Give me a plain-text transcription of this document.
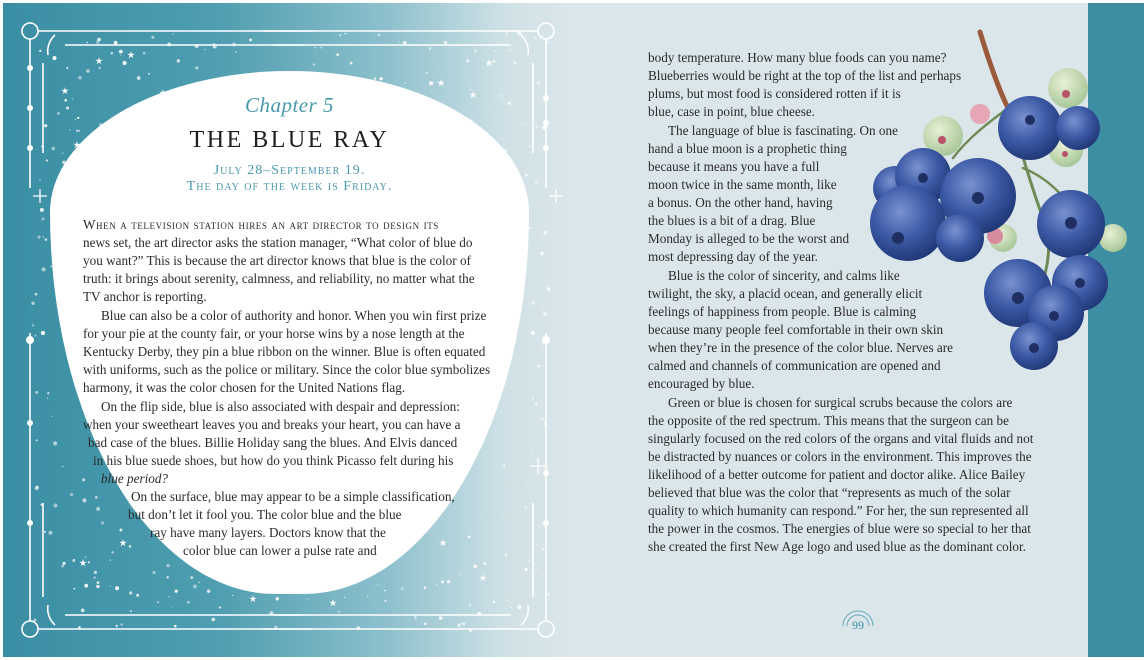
Chapter 5
THE BLUE RAY
July 28–September 19.
The day of the week is Friday.
When a television station hires an art director to design its
news set, the art director asks the station manager, “What color of blue do
you want?” This is because the art director knows that blue is the color of
truth: it brings about serenity, calmness, and reliability, no matter what the
TV anchor is reporting.
Blue can also be a color of authority and honor. When you win first prize
for your pie at the county fair, or your horse wins by a nose length at the
Kentucky Derby, they pin a blue ribbon on the winner. Blue is often equated
with uniforms, such as the police or military. Since the color blue symbolizes
harmony, it was the color chosen for the United Nations flag.
On the flip side, blue is also associated with despair and depression:
when your sweetheart leaves you and breaks your heart, you can have a
bad case of the blues. Billie Holiday sang the blues. And Elvis danced
in his blue suede shoes, but how do you think Picasso felt during his
blue period?
On the surface, blue may appear to be a simple classification,
but don’t let it fool you. The color blue and the blue
ray have many layers. Doctors know that the
color blue can lower a pulse rate and
body temperature. How many blue foods can you name?
Blueberries would be right at the top of the list and perhaps
plums, but most food is considered rotten if it is
blue, case in point, blue cheese.
The language of blue is fascinating. On one
hand a blue moon is a prophetic thing
because it means you have a full
moon twice in the same month, like
a bonus. On the other hand, having
the blues is a bit of a drag. Blue
Monday is alleged to be the worst and
most depressing day of the year.
Blue is the color of sincerity, and calms like
twilight, the sky, a placid ocean, and generally elicit
feelings of happiness from people. Blue is calming
because many people feel comfortable in their own skin
when they’re in the presence of the color blue. Nerves are
calmed and channels of communication are opened and
encouraged by blue.
Green or blue is chosen for surgical scrubs because the colors are
the opposite of the red spectrum. This means that the surgeon can be
singularly focused on the red colors of the organs and vital fluids and not
be distracted by nuances or colors in the environment. This improves the
likelihood of a better outcome for patient and doctor alike. Alice Bailey
believed that blue was the color that “represents as much of the solar
quality to which humanity can respond.” For her, the sun represented all
the power in the cosmos. The energies of blue were so special to her that
she created the first New Age logo and used blue as the dominant color.
99
